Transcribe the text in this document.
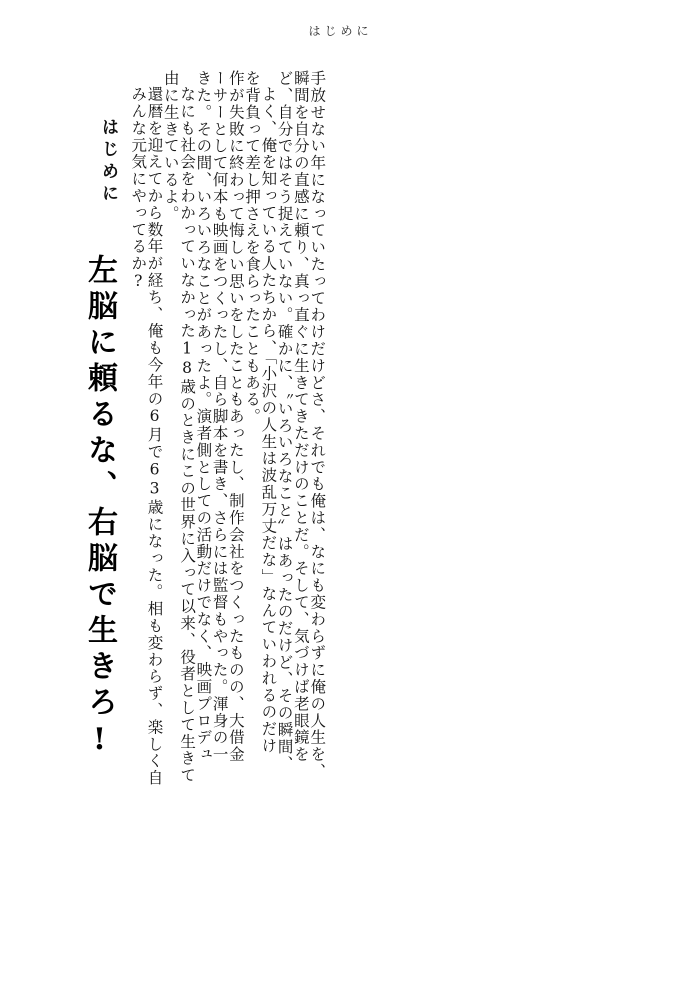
はじめに
はじめに
左脳に頼るな、右脳で生きろ!
みんな元気にやってるか?
還暦を迎えてから数年が経ち、俺も今年の6月で63歳になった。相も変わらず、楽しく自
由に生きているよ。
なにも社会をわかっていなかった18歳のときにこの世界に入って以来、役者として生きて
きた。その間、いろいろなことがあったよ。演者側としての活動だけでなく、映画プロデュ
ーサーとして何本も映画をつくったし、自ら脚本を書き、さらには監督もやった。渾身の一
作が失敗に終わって悔しい思いをしたこともあったし、制作会社をつくったものの、大借金
を背負って差し押さえを食らったこともある。
よく、俺を知っている人たちから、「小沢の人生は波乱万丈だな」なんていわれるのだけ
ど、自分ではそう捉えていない。確かに、〝いろいろなこと〟はあったのだけど、その瞬間、
瞬間を自分の直感に頼り、真っ直ぐに生きてきただけのことだ。そして、気づけば老眼鏡を
手放せない年になっていたってわけだけどさ、それでも俺は、なにも変わらずに俺の人生を、
